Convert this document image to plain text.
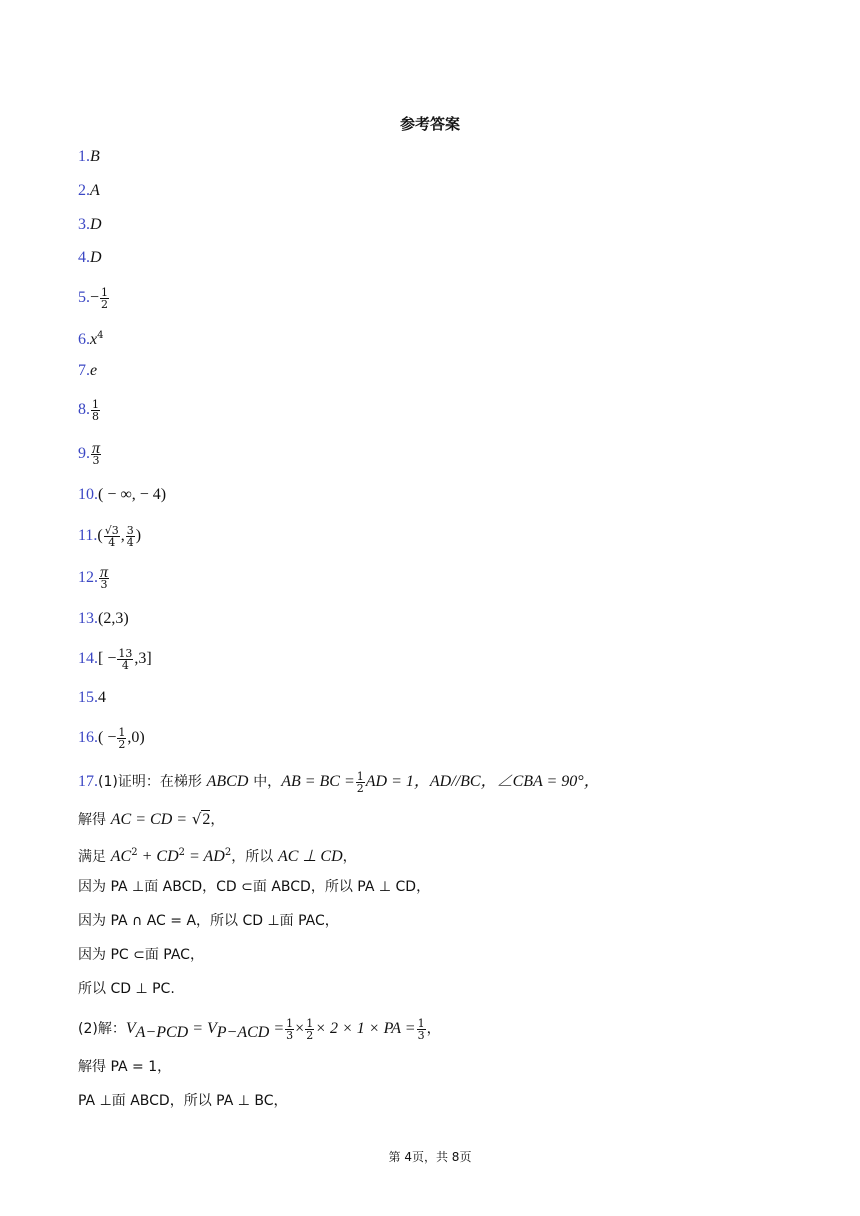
参考答案
1.B
2.A
3.D
4.D
$5.- \frac{1}{2}$
$6.x^4$
7.e
8. $\frac{1}{8}$
9. $\frac{\pi}{3}$
10.( − ∞, − 4)
$11.( \frac{√3}{4}$ , $\frac{3}{4}$ )
12. $\frac{\pi}{3}$
13.(2,3)
$14.[ - \frac{13}{4} ,3]$
15.4
$16.( - \frac{1}{2} ,0)$
17.(1)证明：在梯形 ABCD 中，AB = BC = $\frac{1}{2}$ AD = 1，AD//BC，∠CBA = 90°，
解得 AC = CD = √2，
满足 $AC^2 + CD^2 = AD^2$，所以 AC ⊥ CD，
因为 PA ⊥面 ABCD，CD ⊂面 ABCD，所以 PA ⊥ CD，
因为 PA ∩ AC = A，所以 CD ⊥面 PAC，
因为 PC ⊂面 PAC，
所以 CD ⊥ PC.
(2)解：$V_{A-PCD} = V_{P-ACD} = \frac{1}{3} \times \frac{1}{2} \times 2 \times 1$ × PA = $\frac{1}{3}$ ，
解得 PA = 1，
PA ⊥面 ABCD，所以 PA ⊥ BC，
第 4页，共 8页
